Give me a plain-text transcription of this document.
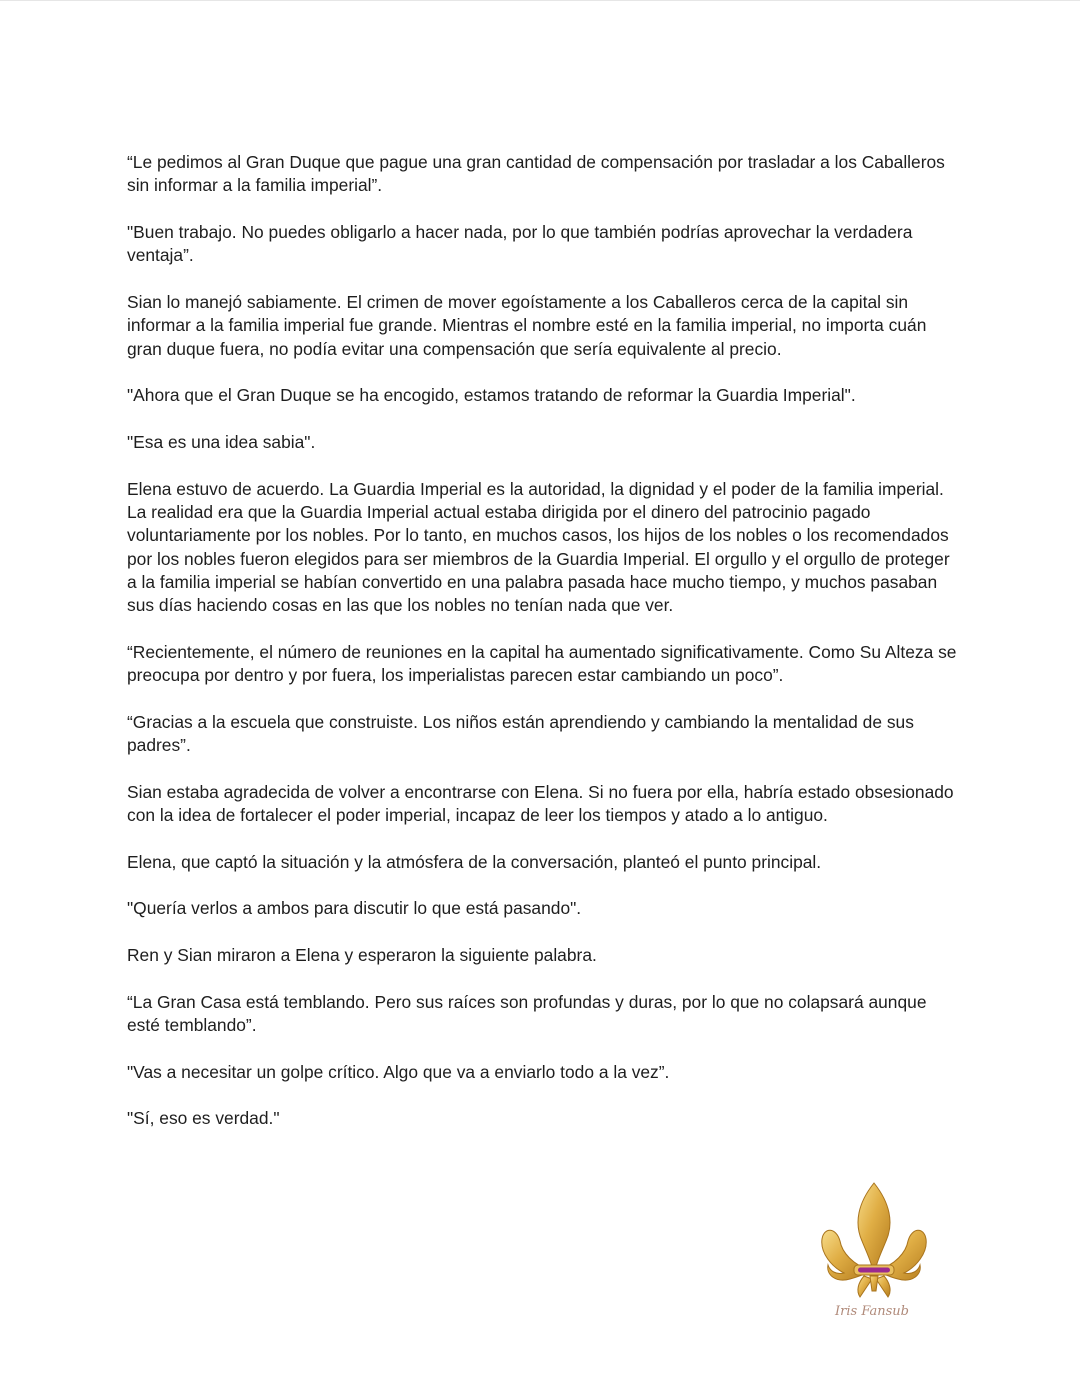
“Le pedimos al Gran Duque que pague una gran cantidad de compensación por trasladar a los Caballeros sin informar a la familia imperial”.

"Buen trabajo. No puedes obligarlo a hacer nada, por lo que también podrías aprovechar la verdadera ventaja”.

Sian lo manejó sabiamente. El crimen de mover egoístamente a los Caballeros cerca de la capital sin informar a la familia imperial fue grande. Mientras el nombre esté en la familia imperial, no importa cuán gran duque fuera, no podía evitar una compensación que sería equivalente al precio.

"Ahora que el Gran Duque se ha encogido, estamos tratando de reformar la Guardia Imperial".

"Esa es una idea sabia".

Elena estuvo de acuerdo. La Guardia Imperial es la autoridad, la dignidad y el poder de la familia imperial. La realidad era que la Guardia Imperial actual estaba dirigida por el dinero del patrocinio pagado voluntariamente por los nobles. Por lo tanto, en muchos casos, los hijos de los nobles o los recomendados por los nobles fueron elegidos para ser miembros de la Guardia Imperial. El orgullo y el orgullo de proteger a la familia imperial se habían convertido en una palabra pasada hace mucho tiempo, y muchos pasaban sus días haciendo cosas en las que los nobles no tenían nada que ver.

“Recientemente, el número de reuniones en la capital ha aumentado significativamente. Como Su Alteza se preocupa por dentro y por fuera, los imperialistas parecen estar cambiando un poco”.

“Gracias a la escuela que construiste. Los niños están aprendiendo y cambiando la mentalidad de sus padres”.

Sian estaba agradecida de volver a encontrarse con Elena. Si no fuera por ella, habría estado obsesionado con la idea de fortalecer el poder imperial, incapaz de leer los tiempos y atado a lo antiguo.

Elena, que captó la situación y la atmósfera de la conversación, planteó el punto principal.

"Quería verlos a ambos para discutir lo que está pasando".

Ren y Sian miraron a Elena y esperaron la siguiente palabra.

“La Gran Casa está temblando. Pero sus raíces son profundas y duras, por lo que no colapsará aunque esté temblando”.

"Vas a necesitar un golpe crítico. Algo que va a enviarlo todo a la vez”.

"Sí, eso es verdad."

Iris Fansub
